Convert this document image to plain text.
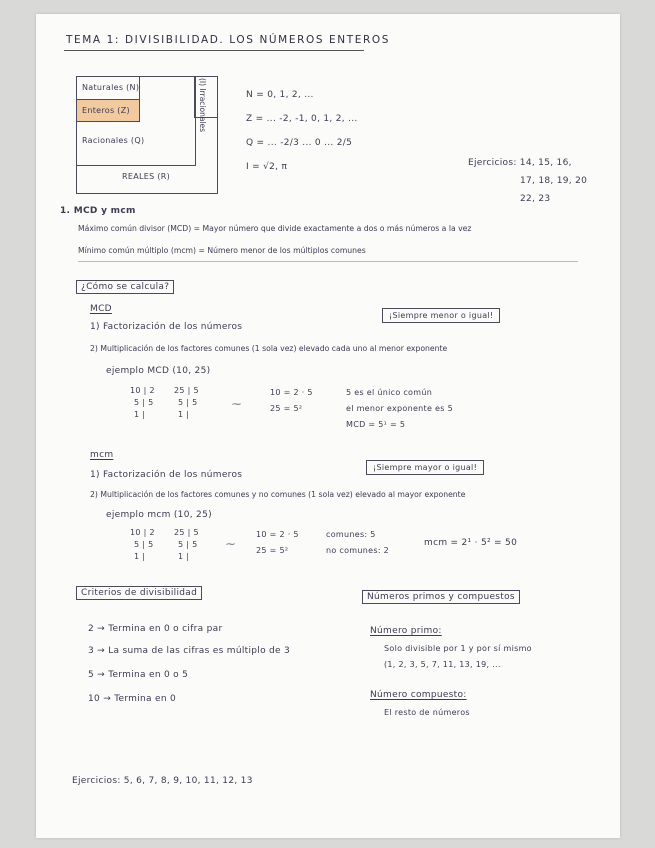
TEMA 1: DIVISIBILIDAD. LOS NÚMEROS ENTEROS
Naturales (N)
Enteros (Z)
Racionales (Q)
REALES (R)
(I) Irracionales	N = 0, 1, 2, ...
Z = ... -2, -1, 0, 1, 2, ...
Q = ... -2/3 ... 0 ... 2/5
I = √2, π	Ejercicios: 14, 15, 16,
17, 18, 19, 20
22, 23
1. MCD y mcm
Máximo común divisor (MCD) = Mayor número que divide exactamente a dos o más números a la vez
Mínimo común múltiplo (mcm) = Número menor de los múltiplos comunes
¿Cómo se calcula?
MCD
¡Siempre menor o igual!
1) Factorización de los números
2) Multiplicación de los factores comunes (1 sola vez) elevado cada uno al menor exponente
ejemplo MCD (10, 25)
10 | 2
5 | 5
1 |
25 | 5
5 | 5
1 |
⁓
10 = 2 · 5
25 = 5²
5 es el único común
el menor exponente es 5
MCD = 5¹ = 5
mcm
¡Siempre mayor o igual!
1) Factorización de los números
2) Multiplicación de los factores comunes y no comunes (1 sola vez) elevado al mayor exponente
ejemplo mcm (10, 25)
10 | 2
5 | 5
1 |
25 | 5
5 | 5
1 |
⁓
10 = 2 · 5
25 = 5²
comunes: 5
no comunes: 2
mcm = 2¹ · 5² = 50
Criterios de divisibilidad
2 → Termina en 0 o cifra par
3 → La suma de las cifras es múltiplo de 3
5 → Termina en 0 o 5
10 → Termina en 0
Números primos y compuestos
Número primo:
Solo divisible por 1 y por sí mismo
(1, 2, 3, 5, 7, 11, 13, 19, ...
Número compuesto:
El resto de números
Ejercicios: 5, 6, 7, 8, 9, 10, 11, 12, 13
